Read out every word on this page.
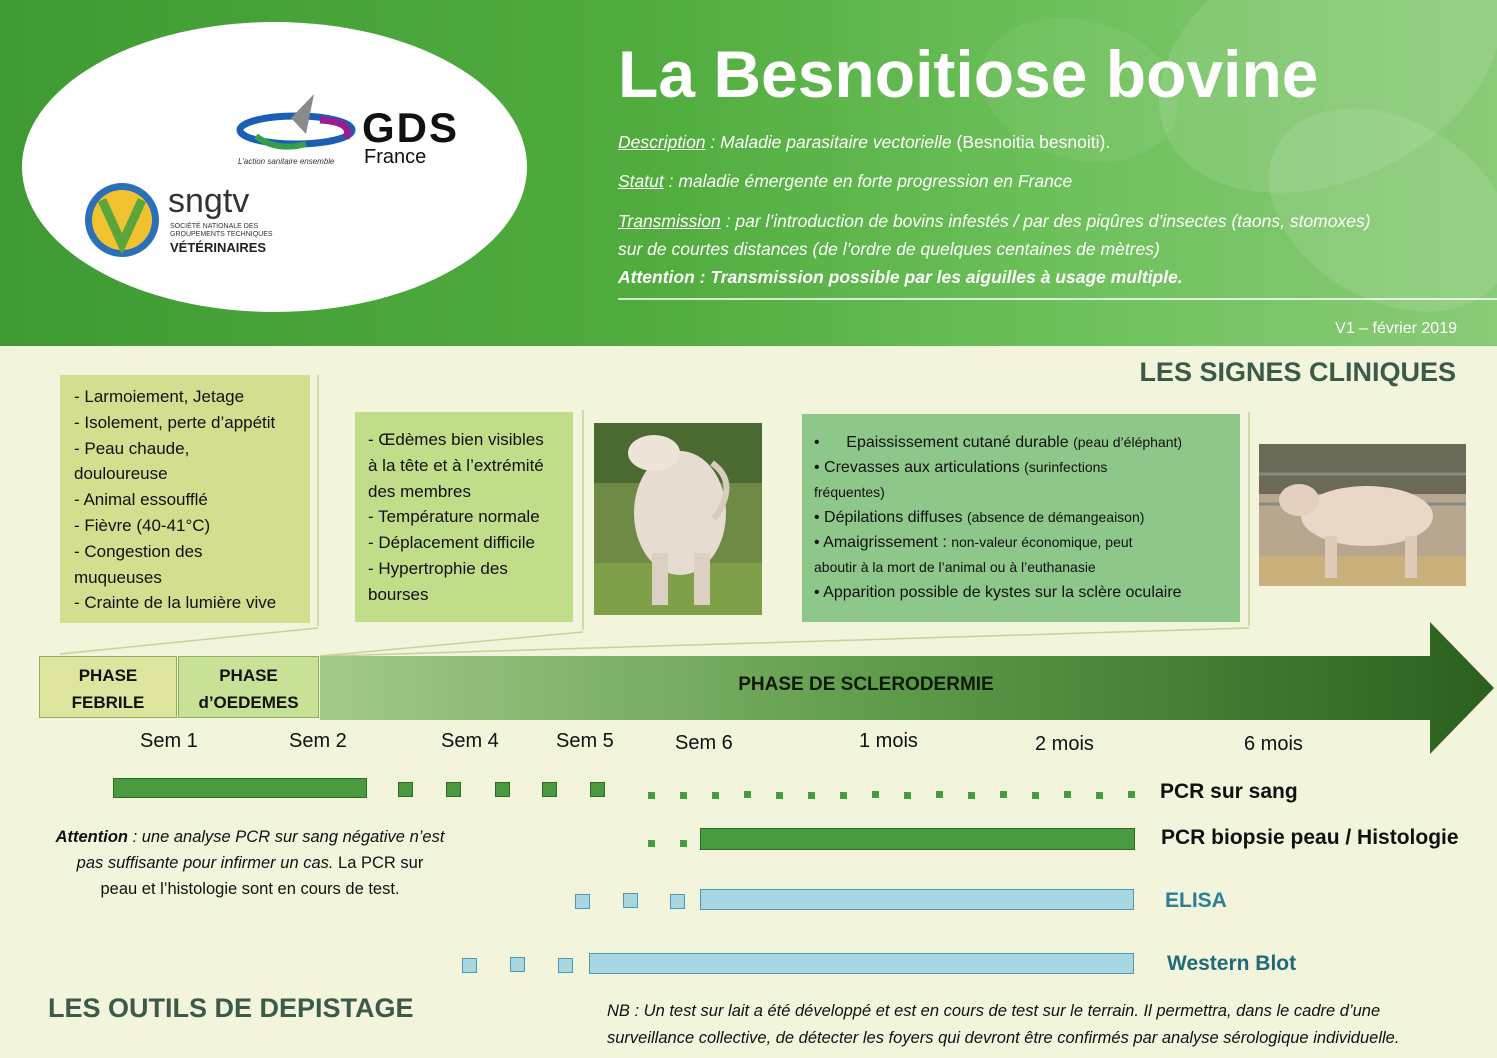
GDS
France
L’action sanitaire ensemble
sngtv
SOCIÉTÉ NATIONALE DES
GROUPEMENTS TECHNIQUES
VÉTÉRINAIRES
La Besnoitiose bovine
Description : Maladie parasitaire vectorielle (Besnoitia besnoiti).
Statut : maladie émergente en forte progression en France
Transmission : par l’introduction de bovins infestés / par des piqûres d’insectes (taons, stomoxes)
sur de courtes distances (de l’ordre de quelques centaines de mètres)
Attention : Transmission possible par les aiguilles à usage multiple.
V1 – février 2019
LES SIGNES CLINIQUES
- Larmoiement, Jetage
- Isolement, perte d’appétit
- Peau chaude,
douloureuse
- Animal essoufflé
- Fièvre (40-41°C)
- Congestion des
muqueuses
- Crainte de la lumière vive
- Œdèmes bien visibles
à la tête et à l’extrémité
des membres
- Température normale
- Déplacement difficile
- Hypertrophie des
bourses
•      Epaississement cutané durable (peau d’éléphant)
• Crevasses aux articulations (surinfections
fréquentes)
• Dépilations diffuses (absence de démangeaison)
• Amaigrissement : non-valeur économique, peut
aboutir à la mort de l’animal ou à l’euthanasie
• Apparition possible de kystes sur la sclère oculaire
PHASE
FEBRILE
PHASE
d’OEDEMES
PHASE DE SCLERODERMIE
Sem 1	Sem 2	Sem 4	Sem 5	Sem 6	1 mois	2 mois	6 mois
PCR sur sang
PCR biopsie peau / Histologie
ELISA
Western Blot
Attention : une analyse PCR sur sang négative n’est
pas suffisante pour infirmer un cas. La PCR sur
peau et l’histologie sont en cours de test.
LES OUTILS DE DEPISTAGE	NB : Un test sur lait a été développé et est en cours de test sur le terrain. Il permettra, dans le cadre d’une
surveillance collective, de détecter les foyers qui devront être confirmés par analyse sérologique individuelle.
